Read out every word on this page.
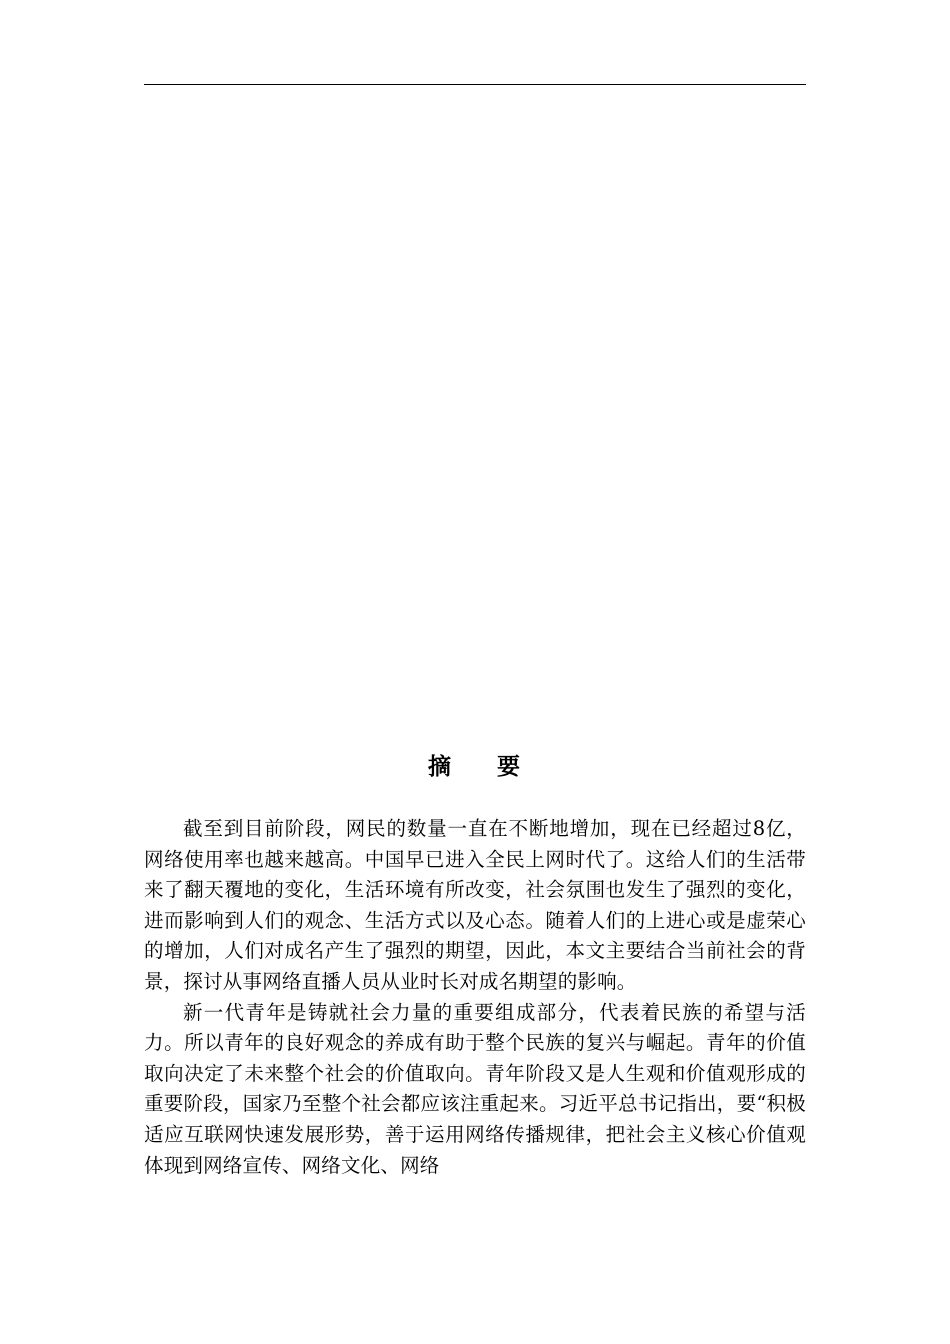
摘 要

截至到目前阶段，网民的数量一直在不断地增加，现在已经超过8亿，网络使用率也越来越高。中国早已进入全民上网时代了。这给人们的生活带来了翻天覆地的变化，生活环境有所改变，社会氛围也发生了强烈的变化，进而影响到人们的观念、生活方式以及心态。随着人们的上进心或是虚荣心的增加，人们对成名产生了强烈的期望，因此，本文主要结合当前社会的背景，探讨从事网络直播人员从业时长对成名期望的影响。

新一代青年是铸就社会力量的重要组成部分，代表着民族的希望与活力。所以青年的良好观念的养成有助于整个民族的复兴与崛起。青年的价值取向决定了未来整个社会的价值取向。青年阶段又是人生观和价值观形成的重要阶段，国家乃至整个社会都应该注重起来。习近平总书记指出，要“积极适应互联网快速发展形势，善于运用网络传播规律，把社会主义核心价值观体现到网络宣传、网络文化、网络
